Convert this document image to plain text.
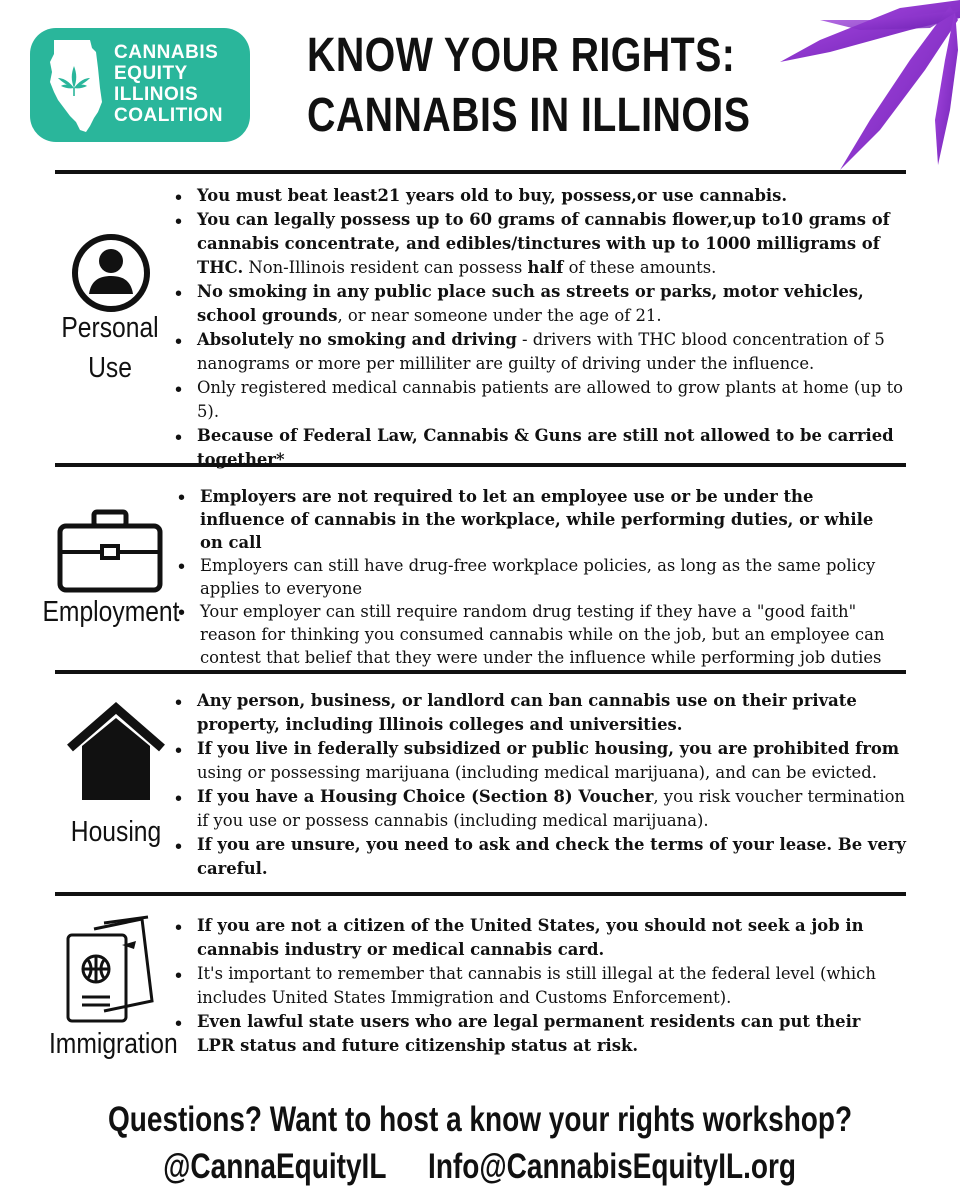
CANNABIS
EQUITY
ILLINOIS
COALITION
KNOW YOUR RIGHTS:
CANNABIS IN ILLINOIS
Personal
Use
• You must beat least21 years old to buy, possess,or use cannabis.
• You can legally possess up to 60 grams of cannabis flower,up to10 grams of cannabis concentrate, and edibles/tinctures with up to 1000 milligrams of THC. Non-Illinois resident can possess half of these amounts.
• No smoking in any public place such as streets or parks, motor vehicles, school grounds, or near someone under the age of 21.
• Absolutely no smoking and driving - drivers with THC blood concentration of 5 nanograms or more per milliliter are guilty of driving under the influence.
• Only registered medical cannabis patients are allowed to grow plants at home (up to 5).
• Because of Federal Law, Cannabis & Guns are still not allowed to be carried together*
Employment
• Employers are not required to let an employee use or be under the influence of cannabis in the workplace, while performing duties, or while on call
• Employers can still have drug-free workplace policies, as long as the same policy applies to everyone
• Your employer can still require random drug testing if they have a "good faith" reason for thinking you consumed cannabis while on the job, but an employee can contest that belief that they were under the influence while performing job duties
Housing
• Any person, business, or landlord can ban cannabis use on their private property, including Illinois colleges and universities.
• If you live in federally subsidized or public housing, you are prohibited from using or possessing marijuana (including medical marijuana), and can be evicted.
• If you have a Housing Choice (Section 8) Voucher, you risk voucher termination if you use or possess cannabis (including medical marijuana).
• If you are unsure, you need to ask and check the terms of your lease. Be very careful.
Immigration
• If you are not a citizen of the United States, you should not seek a job in cannabis industry or medical cannabis card.
• It's important to remember that cannabis is still illegal at the federal level (which includes United States Immigration and Customs Enforcement).
• Even lawful state users who are legal permanent residents can put their LPR status and future citizenship status at risk.
Questions? Want to host a know your rights workshop?
@CannaEquityIL Info@CannabisEquityIL.org
